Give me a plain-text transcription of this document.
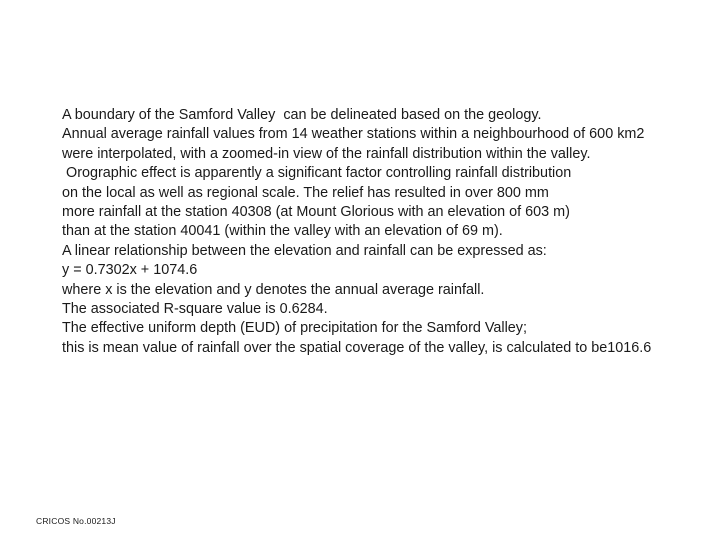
A boundary of the Samford Valley  can be delineated based on the geology.
Annual average rainfall values from 14 weather stations within a neighbourhood of 600 km2
were interpolated, with a zoomed-in view of the rainfall distribution within the valley.
Orographic effect is apparently a significant factor controlling rainfall distribution
on the local as well as regional scale. The relief has resulted in over 800 mm
more rainfall at the station 40308 (at Mount Glorious with an elevation of 603 m)
than at the station 40041 (within the valley with an elevation of 69 m).
A linear relationship between the elevation and rainfall can be expressed as:
y = 0.7302x + 1074.6
where x is the elevation and y denotes the annual average rainfall.
The associated R-square value is 0.6284.
The effective uniform depth (EUD) of precipitation for the Samford Valley;
this is mean value of rainfall over the spatial coverage of the valley, is calculated to be1016.6
CRICOS No.00213J
